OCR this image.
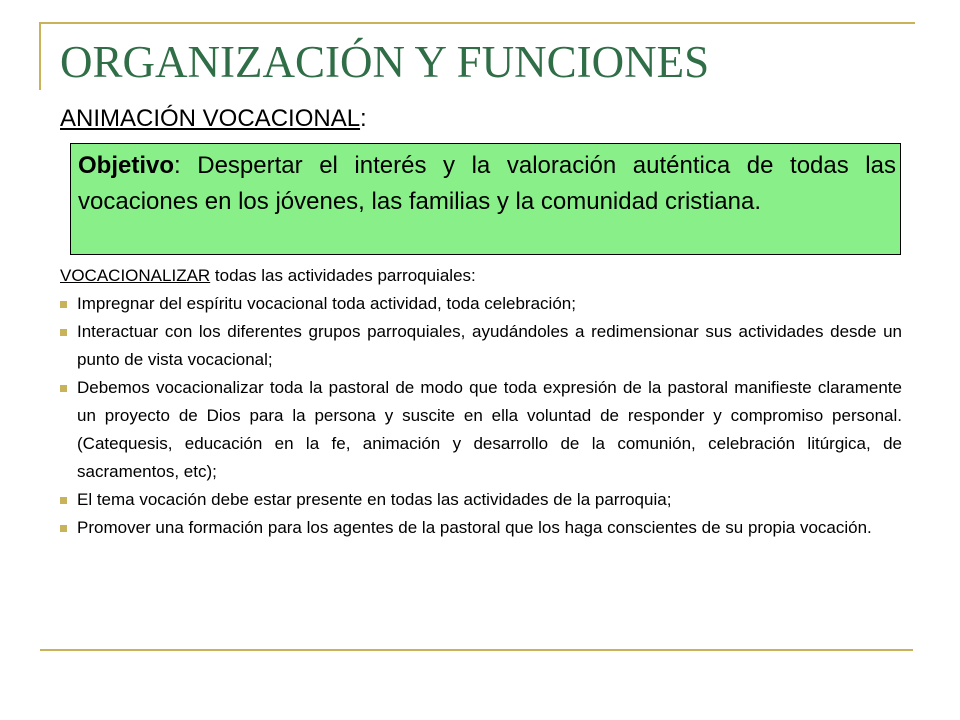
ORGANIZACIÓN Y FUNCIONES
ANIMACIÓN VOCACIONAL:
Objetivo: Despertar el interés y la valoración auténtica de todas las vocaciones en los jóvenes, las familias y la comunidad cristiana.
VOCACIONALIZAR todas las actividades parroquiales:
Impregnar del espíritu vocacional toda actividad, toda celebración;
Interactuar con los diferentes grupos parroquiales, ayudándoles a redimensionar sus actividades desde un punto de vista vocacional;
Debemos vocacionalizar toda la pastoral de modo que toda expresión de la pastoral manifieste claramente un proyecto de Dios para la persona y suscite en ella voluntad de responder y compromiso personal. (Catequesis, educación en la fe, animación y desarrollo de la comunión, celebración litúrgica, de sacramentos, etc);
El tema vocación debe estar presente en todas las actividades de la parroquia;
Promover una formación para los agentes de la pastoral que los haga conscientes de su propia vocación.
